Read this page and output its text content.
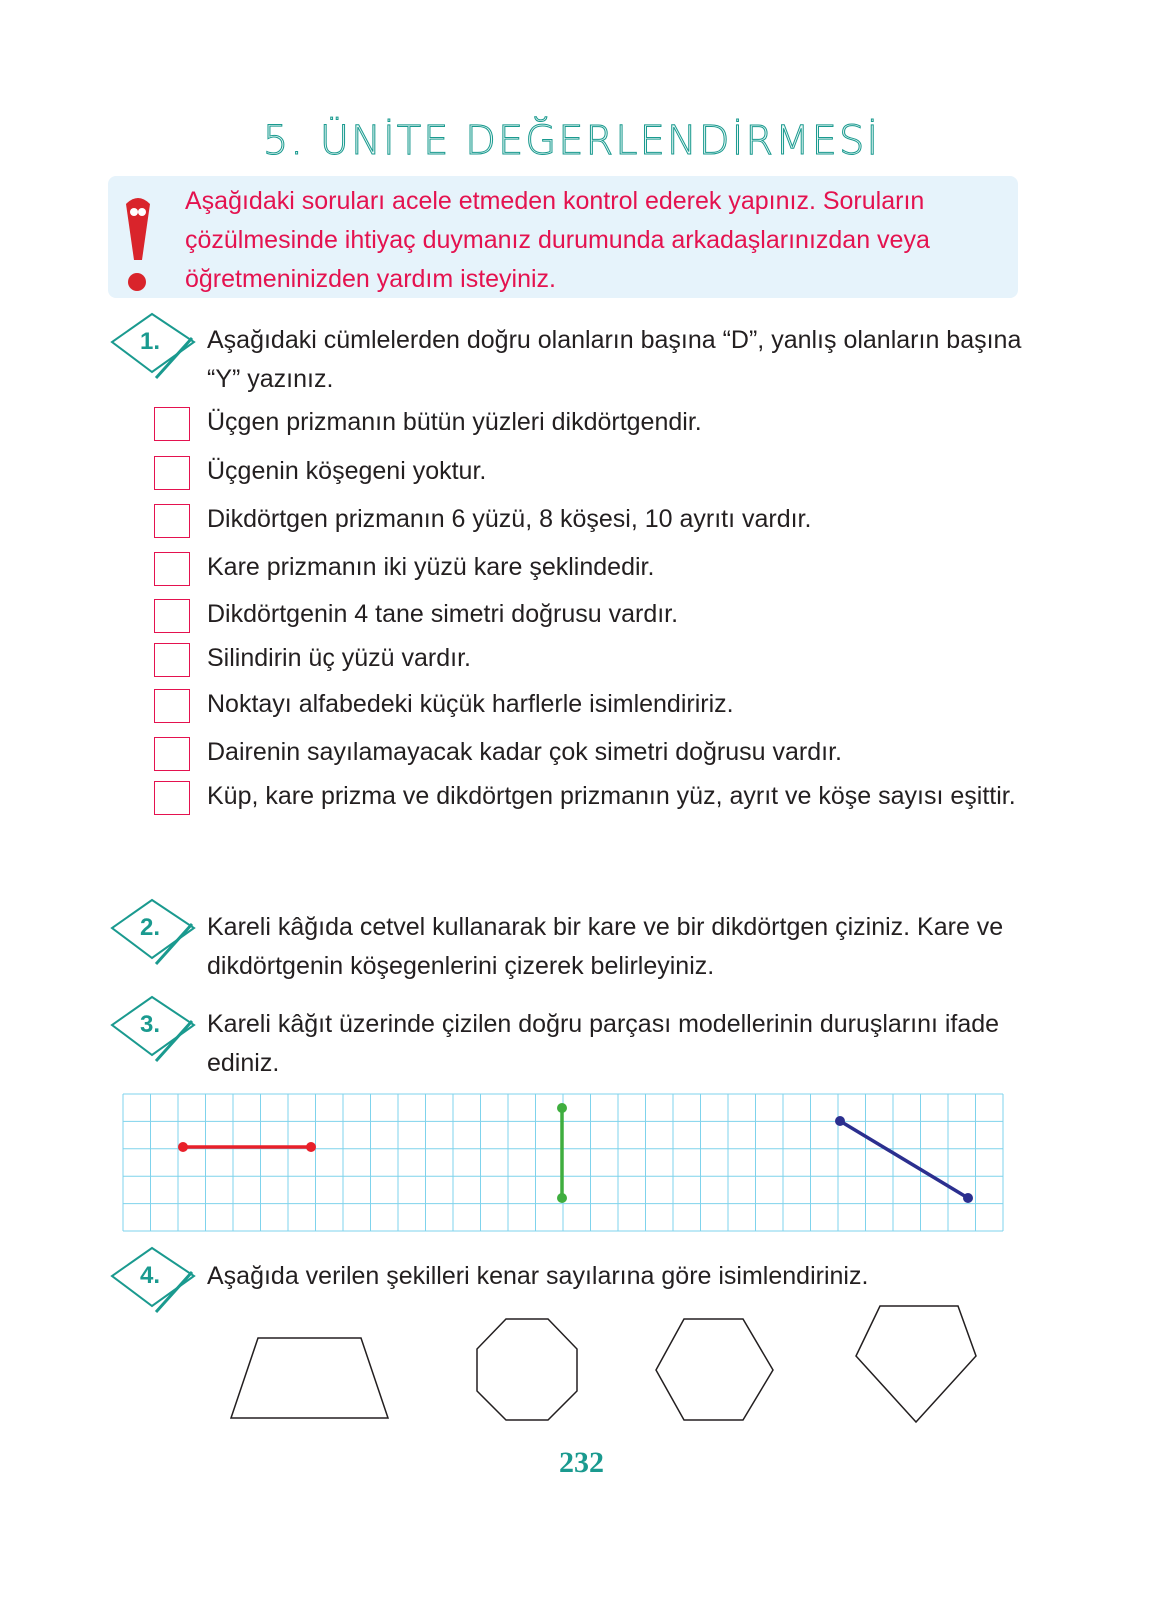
5. ÜNİTE DEĞERLENDİRMESİ
Aşağıdaki soruları acele etmeden kontrol ederek yapınız. Soruların çözülmesinde ihtiyaç duymanız durumunda arkadaşlarınızdan veya öğretmeninizden yardım isteyiniz.
1.
2.
3.
4.
Aşağıdaki cümlelerden doğru olanların başına “D”, yanlış olanların başına “Y” yazınız.
Üçgen prizmanın bütün yüzleri dikdörtgendir.
Üçgenin köşegeni yoktur.
Dikdörtgen prizmanın 6 yüzü, 8 köşesi, 10 ayrıtı vardır.
Kare prizmanın iki yüzü kare şeklindedir.
Dikdörtgenin 4 tane simetri doğrusu vardır.
Silindirin üç yüzü vardır.
Noktayı alfabedeki küçük harflerle isimlendiririz.
Dairenin sayılamayacak kadar çok simetri doğrusu vardır.
Küp, kare prizma ve dikdörtgen prizmanın yüz, ayrıt ve köşe sayısı eşittir.
Kareli kâğıda cetvel kullanarak bir kare ve bir dikdörtgen çiziniz. Kare ve dikdörtgenin köşegenlerini çizerek belirleyiniz.
Kareli kâğıt üzerinde çizilen doğru parçası modellerinin duruşlarını ifade ediniz.
Aşağıda verilen şekilleri kenar sayılarına göre isimlendiriniz.
232
